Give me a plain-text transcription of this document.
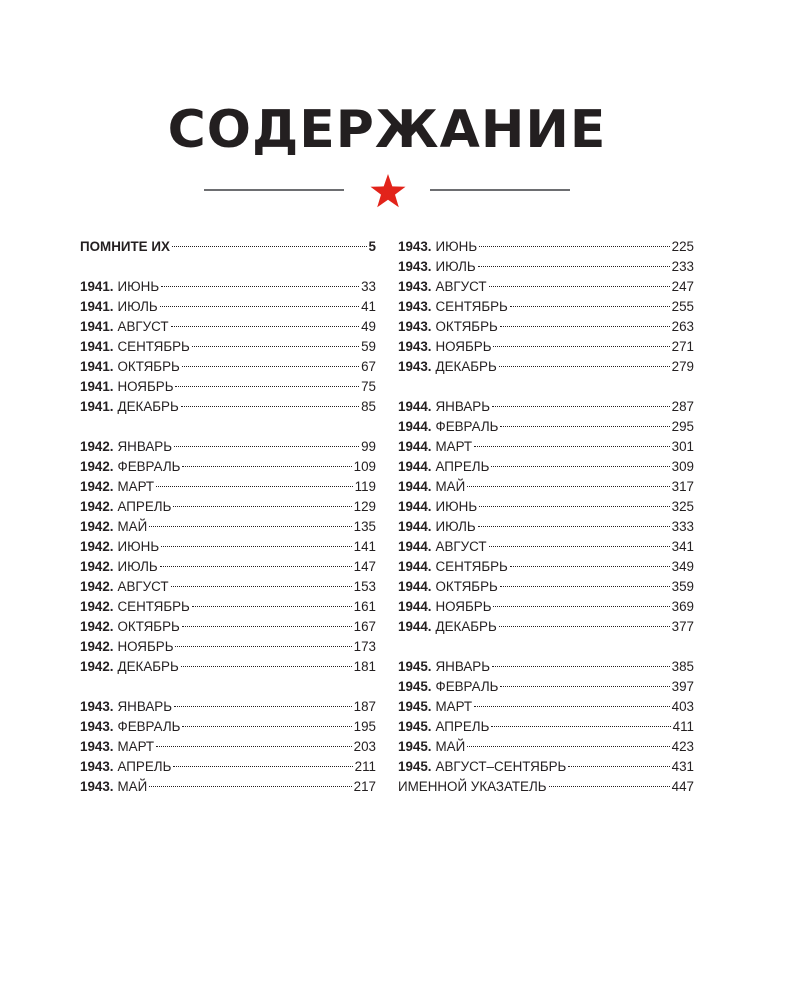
СОДЕРЖАНИЕ
ПОМНИТЕ ИХ	5
1941. ИЮНЬ	33
1941. ИЮЛЬ	41
1941. АВГУСТ	49
1941. СЕНТЯБРЬ	59
1941. ОКТЯБРЬ	67
1941. НОЯБРЬ	75
1941. ДЕКАБРЬ	85
1942. ЯНВАРЬ	99
1942. ФЕВРАЛЬ	109
1942. МАРТ	119
1942. АПРЕЛЬ	129
1942. МАЙ	135
1942. ИЮНЬ	141
1942. ИЮЛЬ	147
1942. АВГУСТ	153
1942. СЕНТЯБРЬ	161
1942. ОКТЯБРЬ	167
1942. НОЯБРЬ	173
1942. ДЕКАБРЬ	181
1943. ЯНВАРЬ	187
1943. ФЕВРАЛЬ	195
1943. МАРТ	203
1943. АПРЕЛЬ	211
1943. МАЙ	217
1943. ИЮНЬ	225
1943. ИЮЛЬ	233
1943. АВГУСТ	247
1943. СЕНТЯБРЬ	255
1943. ОКТЯБРЬ	263
1943. НОЯБРЬ	271
1943. ДЕКАБРЬ	279
1944. ЯНВАРЬ	287
1944. ФЕВРАЛЬ	295
1944. МАРТ	301
1944. АПРЕЛЬ	309
1944. МАЙ	317
1944. ИЮНЬ	325
1944. ИЮЛЬ	333
1944. АВГУСТ	341
1944. СЕНТЯБРЬ	349
1944. ОКТЯБРЬ	359
1944. НОЯБРЬ	369
1944. ДЕКАБРЬ	377
1945. ЯНВАРЬ	385
1945. ФЕВРАЛЬ	397
1945. МАРТ	403
1945. АПРЕЛЬ	411
1945. МАЙ	423
1945. АВГУСТ–СЕНТЯБРЬ	431
ИМЕННОЙ УКАЗАТЕЛЬ	447
